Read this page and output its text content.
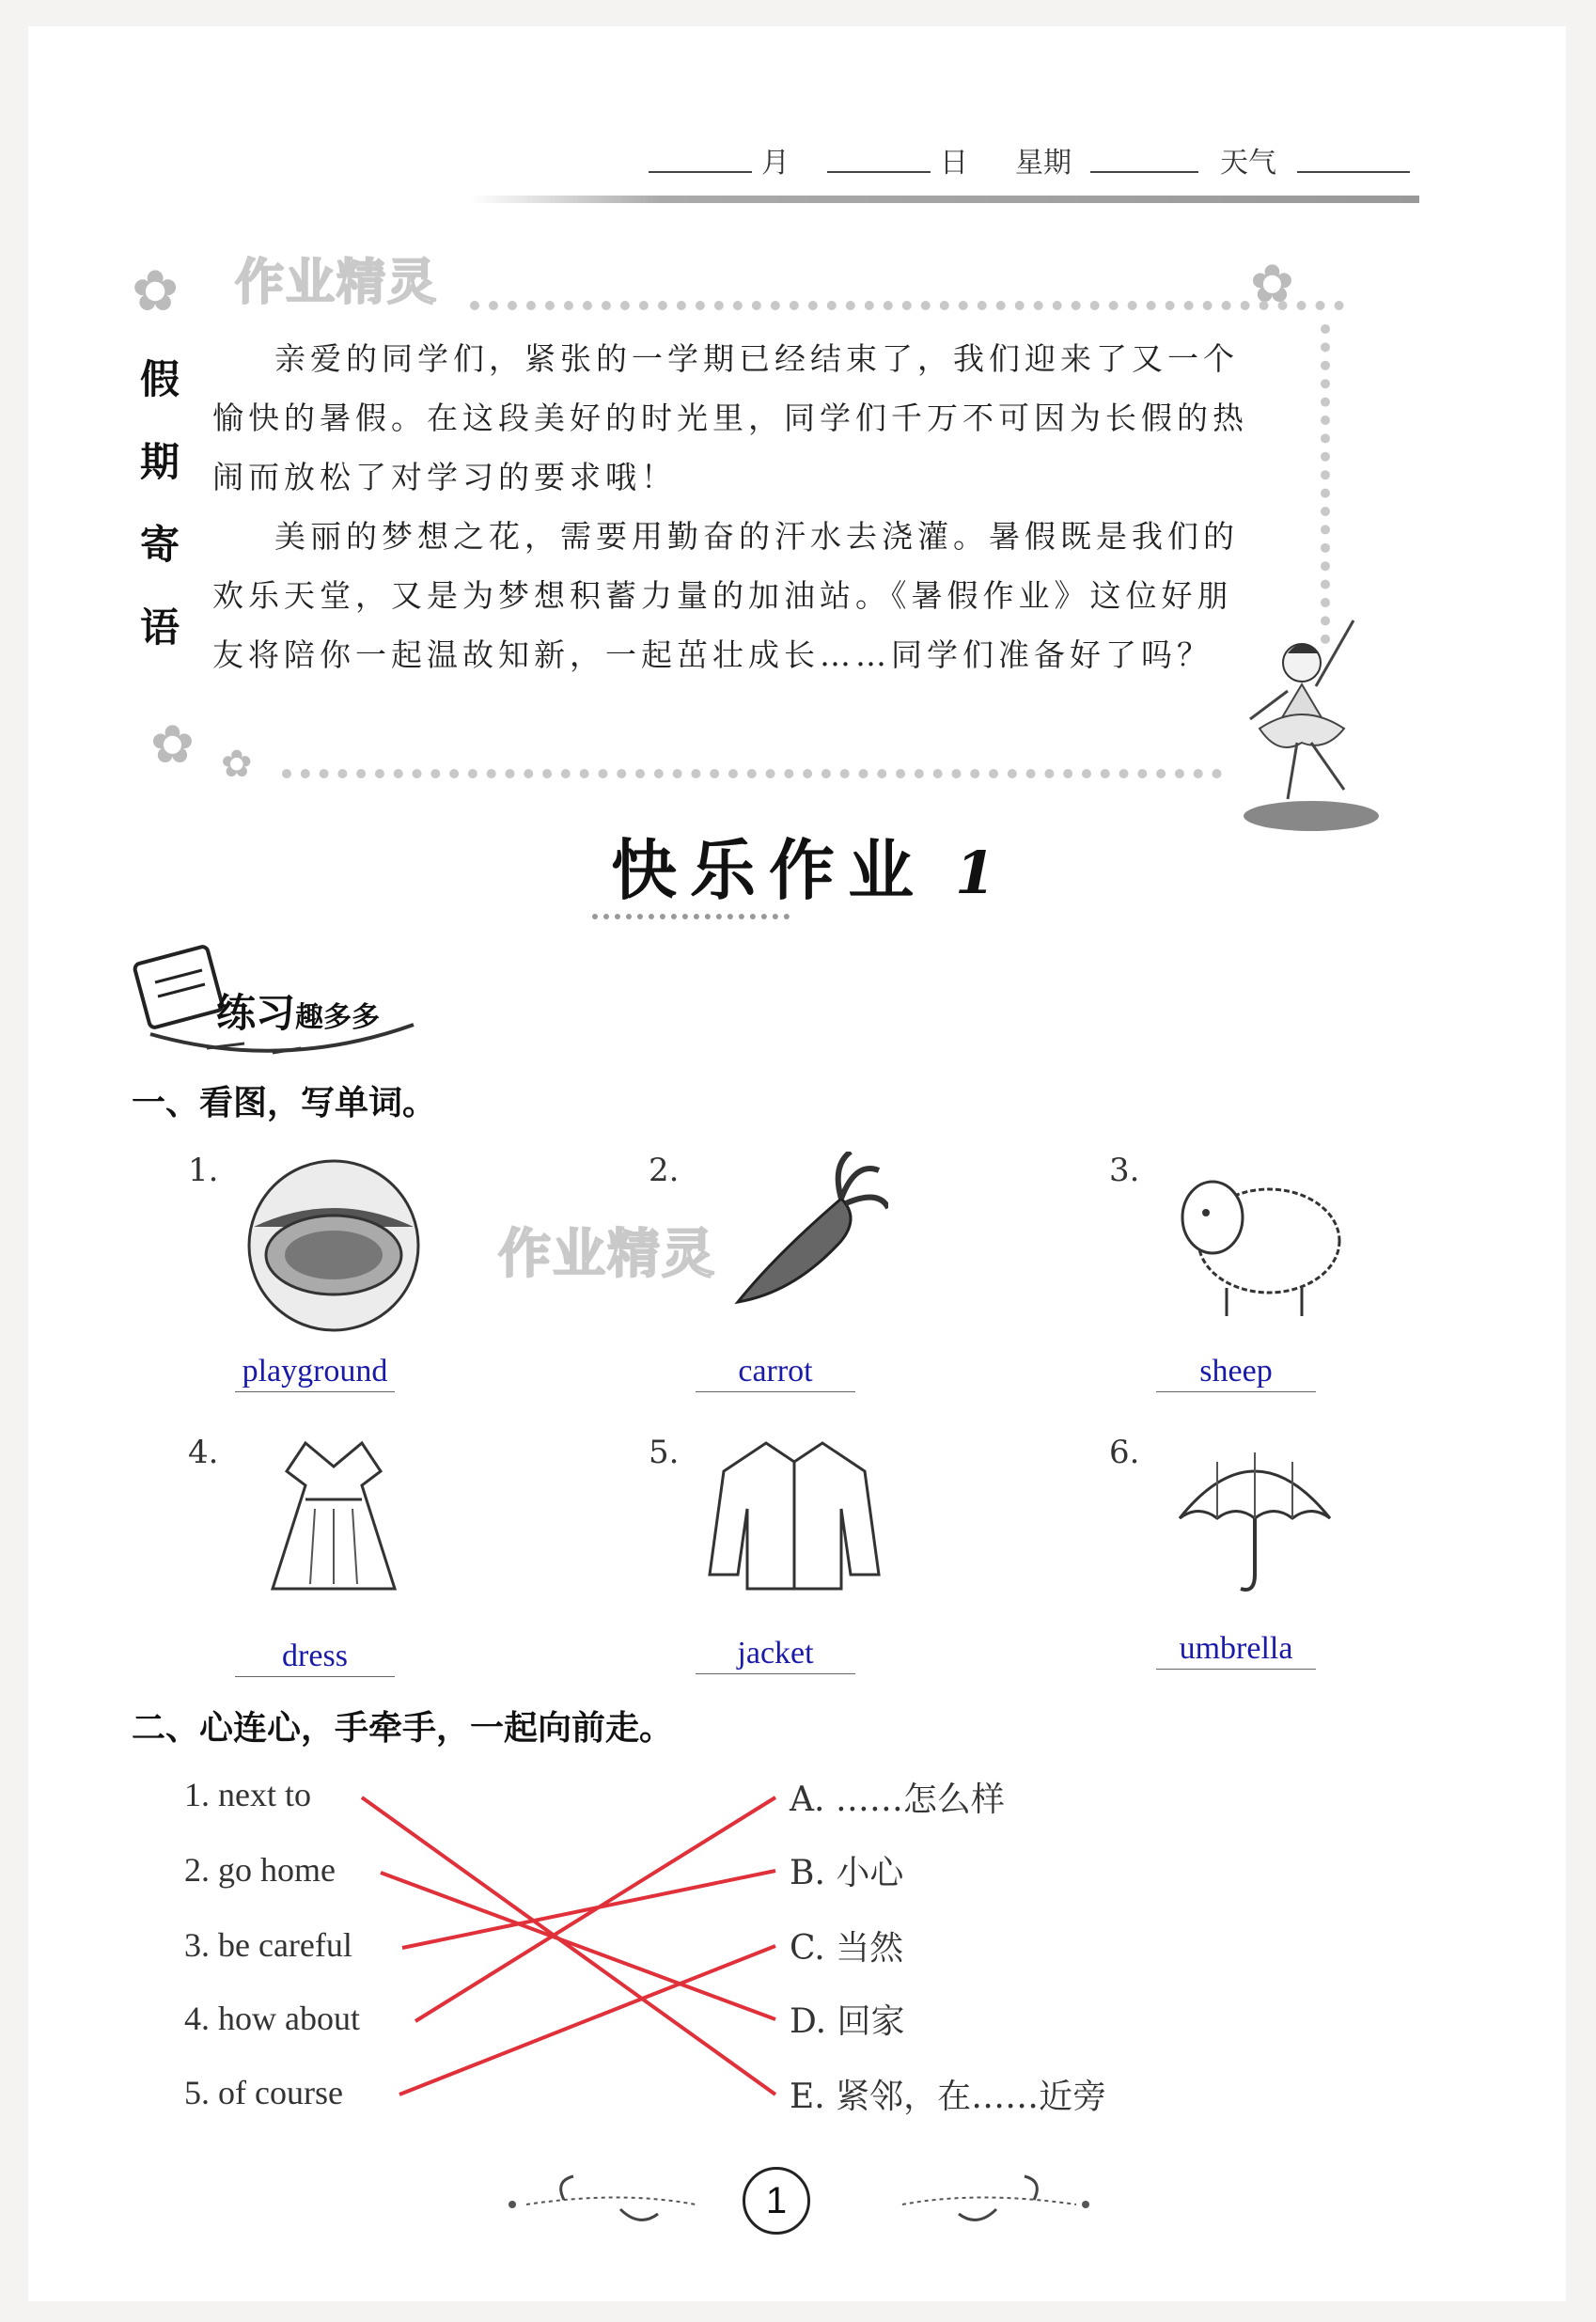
月	日 星期	天气
✿	✿
✿ ✿
作业精灵
假
期
寄
语

亲爱的同学们，紧张的一学期已经结束了，我们迎来了又一个愉快的暑假。在这段美好的时光里，同学们千万不可因为长假的热闹而放松了对学习的要求哦！

美丽的梦想之花，需要用勤奋的汗水去浇灌。暑假既是我们的欢乐天堂，又是为梦想积蓄力量的加油站。《暑假作业》这位好朋友将陪你一起温故知新，一起茁壮成长……同学们准备好了吗？

快乐作业 1
练习趣多多
一、看图，写单词。
1.
playground
2.
carrot
3.
sheep
4.
dress
5.
jacket
6.
umbrella
作业精灵
二、心连心，手牵手，一起向前走。
1. next to
2. go home
3. be careful
4. how about
5. of course
A. ……怎么样
B. 小心
C. 当然
D. 回家
E. 紧邻，在……近旁
1
